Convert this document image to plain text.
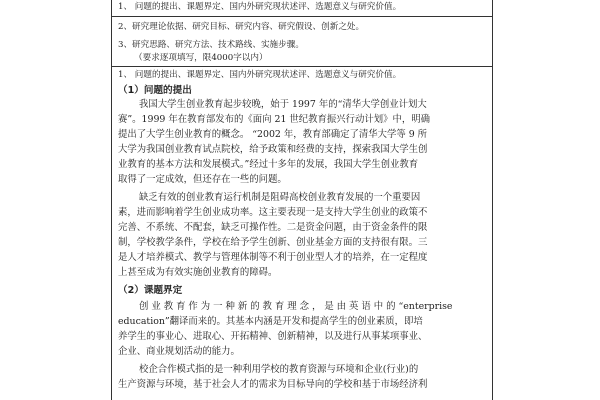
1、 问题的提出、课题界定、国内外研究现状述评、选题意义与研究价值。
2、研究理论依据、研究目标、研究内容、研究假设、创新之处。
3、研究思路、研究方法、技术路线、实施步骤。
（要求逐项填写，限4000字以内）
1、 问题的提出、课题界定、国内外研究现状述评、选题意义与研究价值。
（1）问题的提出
我国大学生创业教育起步较晚，始于 1997 年的“清华大学创业计划大
赛”。1999 年在教育部发布的《面向 21 世纪教育振兴行动计划》中，明确
提出了大学生创业教育的概念。 “2002 年，教育部确定了清华大学等 9 所
大学为我国创业教育试点院校，给予政策和经费的支持，探索我国大学生创
业教育的基本方法和发展模式。”经过十多年的发展，我国大学生创业教育
取得了一定成效，但还存在一些的问题。
缺乏有效的创业教育运行机制是阻碍高校创业教育发展的一个重要因
素，进而影响着学生创业成功率。这主要表现一是支持大学生创业的政策不
完善、不系统、不配套，缺乏可操作性。二是资金问题，由于资金条件的限
制，学校教学条件，学校在给予学生创新、创业基金方面的支持很有限。三
是人才培养模式、教学与管理体制等不利于创业型人才的培养，在一定程度
上甚至成为有效实施创业教育的障碍。
（2）课题界定
创 业 教 育 作 为 一 种 新 的 教 育 理 念 ， 是 由 英 语 中 的 “enterprise
education”翻译而来的。其基本内涵是开发和提高学生的创业素质，即培
养学生的事业心、进取心、开拓精神、创新精神，以及进行从事某项事业、
企业、商业规划活动的能力。
校企合作模式指的是一种利用学校的教育资源与环境和企业(行业)的
生产资源与环境，基于社会人才的需求为目标导向的学校和基于市场经济利
